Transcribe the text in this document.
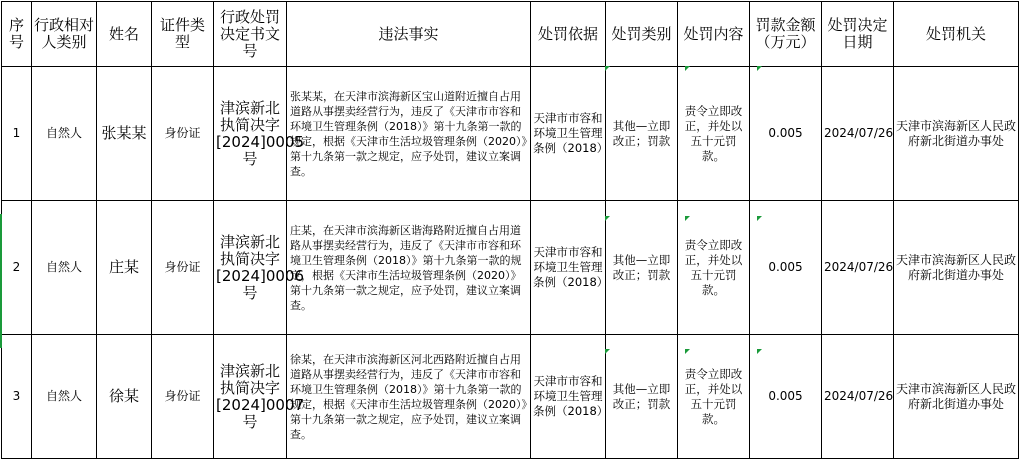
序号	行政相对人类别	姓名	证件类型	行政处罚决定书文号	违法事实	处罚依据	处罚类别	处罚内容	罚款金额（万元）	处罚决定日期	处罚机关
1	自然人	张某某	身份证	津滨新北执简决字[2024]0005号	张某某，在天津市滨海新区宝山道附近擅自占用道路从事摆卖经营行为，违反了《天津市市容和环境卫生管理条例（2018）》第十九条第一款的规定，根据《天津市生活垃圾管理条例（2020）》第十九条第一款之规定，应予处罚，建议立案调查。	天津市市容和环境卫生管理条例（2018）	其他—立即改正；罚款	责令立即改正，并处以五十元罚款。	0.005	2024/07/26	天津市滨海新区人民政府新北街道办事处
2	自然人	庄某	身份证	津滨新北执简决字[2024]0006号	庄某，在天津市滨海新区谐海路附近擅自占用道路从事摆卖经营行为，违反了《天津市市容和环境卫生管理条例（2018）》第十九条第一款的规定，根据《天津市生活垃圾管理条例（2020）》第十九条第一款之规定，应予处罚，建议立案调查。	天津市市容和环境卫生管理条例（2018）	其他—立即改正；罚款	责令立即改正，并处以五十元罚款。	0.005	2024/07/26	天津市滨海新区人民政府新北街道办事处
3	自然人	徐某	身份证	津滨新北执简决字[2024]0007号	徐某，在天津市滨海新区河北西路附近擅自占用道路从事摆卖经营行为，违反了《天津市市容和环境卫生管理条例（2018）》第十九条第一款的规定，根据《天津市生活垃圾管理条例（2020）》第十九条第一款之规定，应予处罚，建议立案调查。	天津市市容和环境卫生管理条例（2018）	其他—立即改正；罚款	责令立即改正，并处以五十元罚款。	0.005	2024/07/26	天津市滨海新区人民政府新北街道办事处
